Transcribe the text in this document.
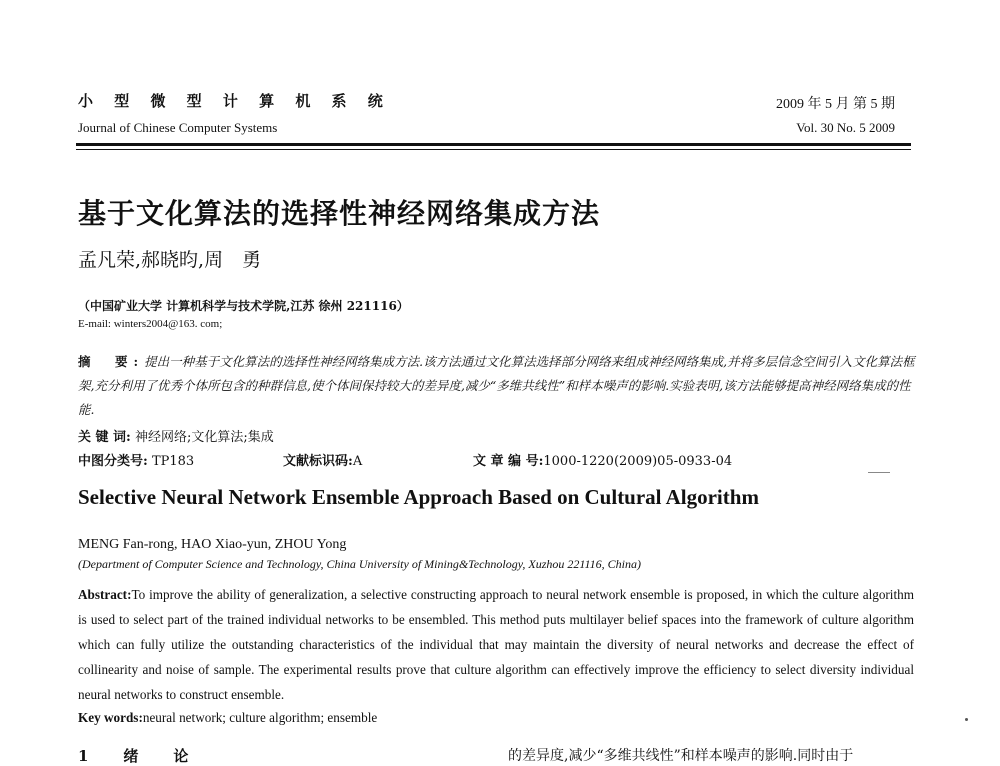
小 型 微 型 计 算 机 系 统
Journal of Chinese Computer Systems
2009 年 5 月 第 5 期
Vol. 30 No. 5 2009
基于文化算法的选择性神经网络集成方法
孟凡荣,郝晓昀,周　勇
（中国矿业大学 计算机科学与技术学院,江苏 徐州 221116）
E-mail: winters2004@163. com;
摘　要:提出一种基于文化算法的选择性神经网络集成方法.该方法通过文化算法选择部分网络来组成神经网络集成,并将多层信念空间引入文化算法框架,充分利用了优秀个体所包含的种群信息,使个体间保持较大的差异度,减少“多维共线性”和样本噪声的影响.实验表明,该方法能够提高神经网络集成的性能.
关 键 词: 神经网络;文化算法;集成
中图分类号: TP183	文献标识码:A	文 章 编 号:1000-1220(2009)05-0933-04
Selective Neural Network Ensemble Approach Based on Cultural Algorithm
MENG Fan-rong, HAO Xiao-yun, ZHOU Yong
(Department of Computer Science and Technology, China University of Mining&Technology, Xuzhou 221116, China)
Abstract:To improve the ability of generalization, a selective constructing approach to neural network ensemble is proposed, in which the culture algorithm is used to select part of the trained individual networks to be ensembled. This method puts multilayer belief spaces into the framework of culture algorithm which can fully utilize the outstanding characteristics of the individual that may maintain the diversity of neural networks and decrease the effect of collinearity and noise of sample. The experimental results prove that culture algorithm can effectively improve the efficiency to select diversity individual neural networks to construct ensemble.
Key words:neural network; culture algorithm; ensemble
1　绪　论	的差异度,减少“多维共线性”和样本噪声的影响.同时由于
